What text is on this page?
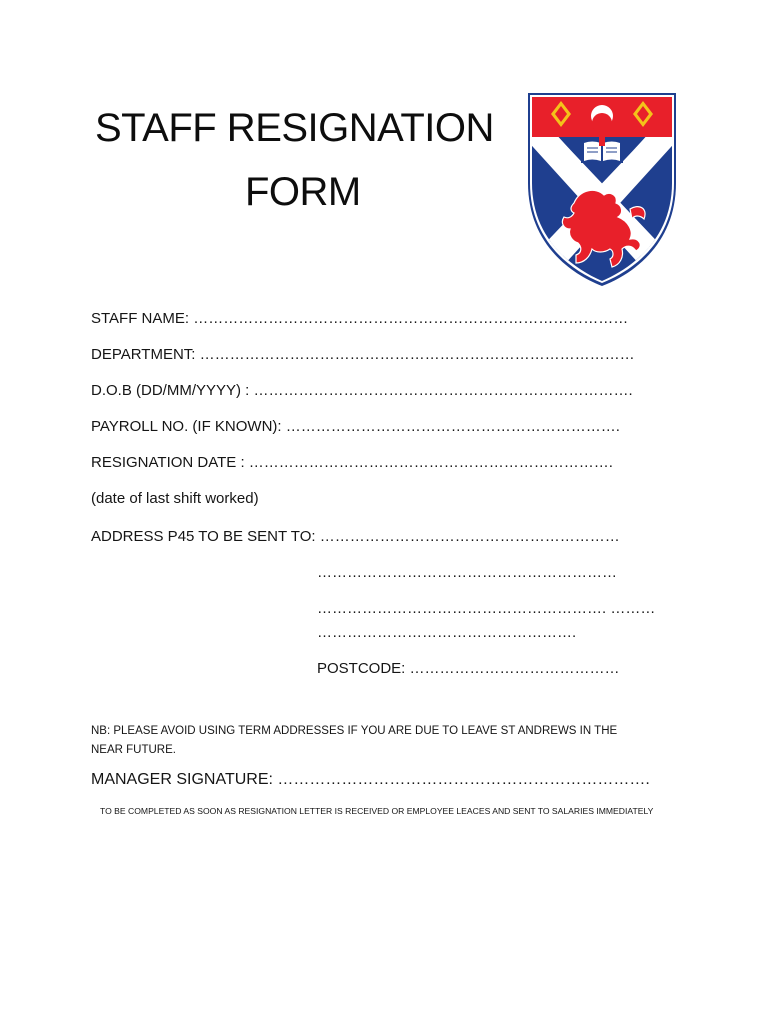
STAFF RESIGNATION
FORM
STAFF NAME: ……………………………………………………………………………
DEPARTMENT: ……………………………………………………………………………
D.O.B (DD/MM/YYYY) : ………………………………………………………………….
PAYROLL NO. (IF KNOWN): ………………………………………………………….
RESIGNATION DATE : ……………………………………………………………….
(date of last shift worked)
ADDRESS P45 TO BE SENT TO: ……………………………………………………
……………………………………………………
…………………………………………………. ………
…………………………………………….
POSTCODE: ……………………………………
NB: PLEASE AVOID USING TERM ADDRESSES IF YOU ARE DUE TO LEAVE ST ANDREWS IN THE NEAR FUTURE.
MANAGER SIGNATURE: …………………………………………………………….
TO BE COMPLETED AS SOON AS RESIGNATION LETTER IS RECEIVED OR EMPLOYEE LEACES AND SENT TO SALARIES IMMEDIATELY
